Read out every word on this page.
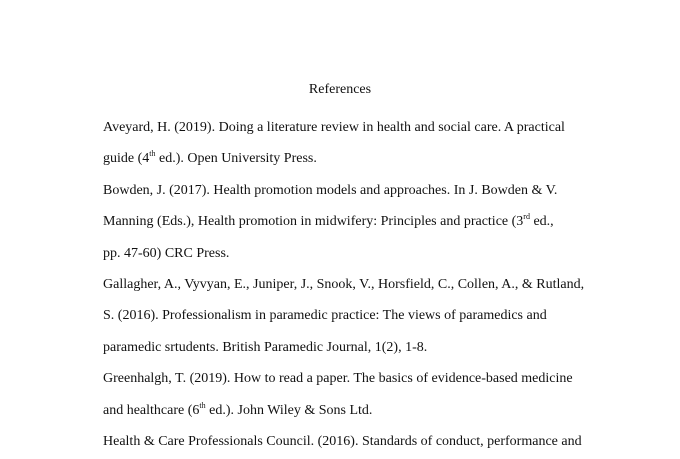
References

Aveyard, H. (2019). Doing a literature review in health and social care. A practical
guide (4th ed.). Open University Press.

Bowden, J. (2017). Health promotion models and approaches. In J. Bowden & V.
Manning (Eds.), Health promotion in midwifery: Principles and practice (3rd ed.,
pp. 47-60) CRC Press.

Gallagher, A., Vyvyan, E., Juniper, J., Snook, V., Horsfield, C., Collen, A., & Rutland,
S. (2016). Professionalism in paramedic practice: The views of paramedics and
paramedic srtudents. British Paramedic Journal, 1(2), 1-8.

Greenhalgh, T. (2019). How to read a paper. The basics of evidence-based medicine
and healthcare (6th ed.). John Wiley & Sons Ltd.

Health & Care Professionals Council. (2016). Standards of conduct, performance and
